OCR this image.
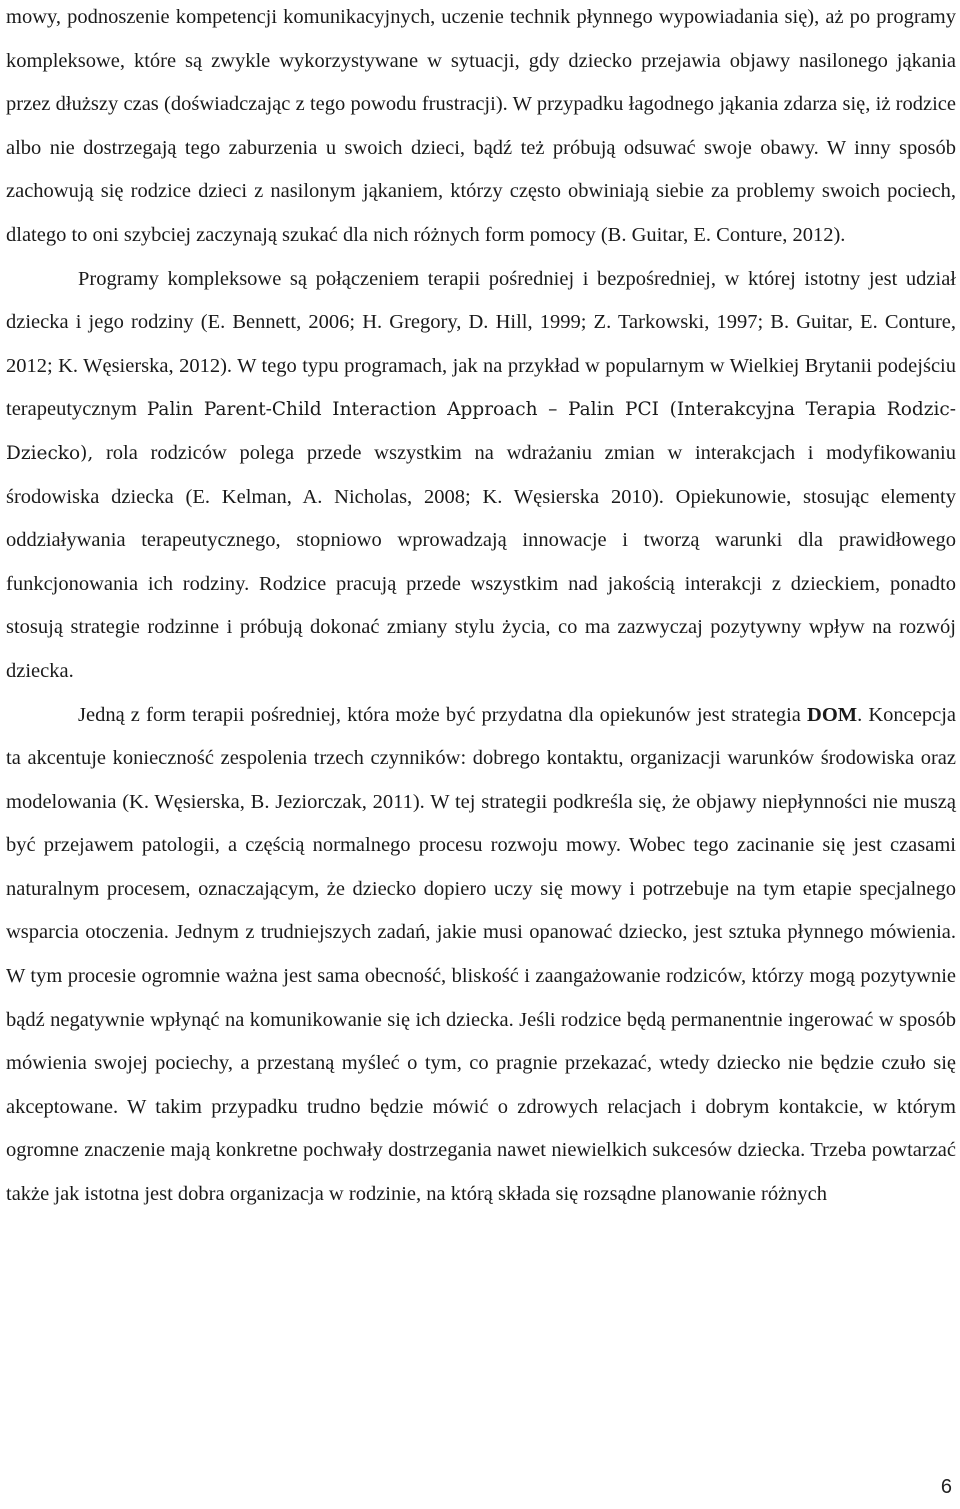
mowy, podnoszenie kompetencji komunikacyjnych, uczenie technik płynnego wypowiadania się), aż po programy kompleksowe, które są zwykle wykorzystywane w sytuacji, gdy dziecko przejawia objawy nasilonego jąkania przez dłuższy czas (doświadczając z tego powodu frustracji). W przypadku łagodnego jąkania zdarza się, iż rodzice albo nie dostrzegają tego zaburzenia u swoich dzieci, bądź też próbują odsuwać swoje obawy. W inny sposób zachowują się rodzice dzieci z nasilonym jąkaniem, którzy często obwiniają siebie za problemy swoich pociech, dlatego to oni szybciej zaczynają szukać dla nich różnych form pomocy (B. Guitar, E. Conture, 2012).

Programy kompleksowe są połączeniem terapii pośredniej i bezpośredniej, w której istotny jest udział dziecka i jego rodziny (E. Bennett, 2006; H. Gregory, D. Hill, 1999; Z. Tarkowski, 1997; B. Guitar, E. Conture, 2012; K. Węsierska, 2012). W tego typu programach, jak na przykład w popularnym w Wielkiej Brytanii podejściu terapeutycznym Palin Parent-Child Interaction Approach – Palin PCI (Interakcyjna Terapia Rodzic-Dziecko), rola rodziców polega przede wszystkim na wdrażaniu zmian w interakcjach i modyfikowaniu środowiska dziecka (E. Kelman, A. Nicholas, 2008; K. Węsierska 2010). Opiekunowie, stosując elementy oddziaływania terapeutycznego, stopniowo wprowadzają innowacje i tworzą warunki dla prawidłowego funkcjonowania ich rodziny. Rodzice pracują przede wszystkim nad jakością interakcji z dzieckiem, ponadto stosują strategie rodzinne i próbują dokonać zmiany stylu życia, co ma zazwyczaj pozytywny wpływ na rozwój dziecka.

Jedną z form terapii pośredniej, która może być przydatna dla opiekunów jest strategia DOM. Koncepcja ta akcentuje konieczność zespolenia trzech czynników: dobrego kontaktu, organizacji warunków środowiska oraz modelowania (K. Węsierska, B. Jeziorczak, 2011). W tej strategii podkreśla się, że objawy niepłynności nie muszą być przejawem patologii, a częścią normalnego procesu rozwoju mowy. Wobec tego zacinanie się jest czasami naturalnym procesem, oznaczającym, że dziecko dopiero uczy się mowy i potrzebuje na tym etapie specjalnego wsparcia otoczenia. Jednym z trudniejszych zadań, jakie musi opanować dziecko, jest sztuka płynnego mówienia. W tym procesie ogromnie ważna jest sama obecność, bliskość i zaangażowanie rodziców, którzy mogą pozytywnie bądź negatywnie wpłynąć na komunikowanie się ich dziecka. Jeśli rodzice będą permanentnie ingerować w sposób mówienia swojej pociechy, a przestaną myśleć o tym, co pragnie przekazać, wtedy dziecko nie będzie czuło się akceptowane. W takim przypadku trudno będzie mówić o zdrowych relacjach i dobrym kontakcie, w którym ogromne znaczenie mają konkretne pochwały dostrzegania nawet niewielkich sukcesów dziecka. Trzeba powtarzać także jak istotna jest dobra organizacja w rodzinie, na którą składa się rozsądne planowanie różnych

6
